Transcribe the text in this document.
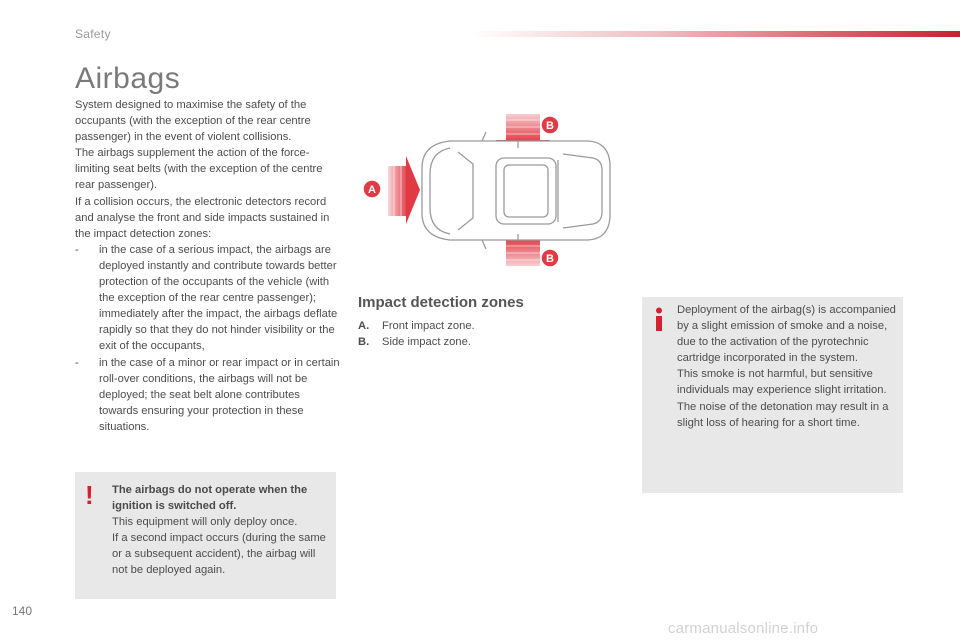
Safety
Airbags

System designed to maximise the safety of the occupants (with the exception of the rear centre passenger) in the event of violent collisions.

The airbags supplement the action of the force-limiting seat belts (with the exception of the centre rear passenger).

If a collision occurs, the electronic detectors record and analyse the front and side impacts sustained in the impact detection zones:

-	in the case of a serious impact, the airbags are deployed instantly and contribute towards better protection of the occupants of the vehicle (with the exception of the rear centre passenger); immediately after the impact, the airbags deflate rapidly so that they do not hinder visibility or the exit of the occupants,
-	in the case of a minor or rear impact or in certain roll-over conditions, the airbags will not be deployed; the seat belt alone contributes towards ensuring your protection in these situations.
! The airbags do not operate when the ignition is switched off.

This equipment will only deploy once.

If a second impact occurs (during the same or a subsequent accident), the airbag will not be deployed again.

A
B
B
Impact detection zones
A.	Front impact zone.
B.	Side impact zone.

Deployment of the airbag(s) is accompanied by a slight emission of smoke and a noise, due to the activation of the pyrotechnic cartridge incorporated in the system.

This smoke is not harmful, but sensitive individuals may experience slight irritation.

The noise of the detonation may result in a slight loss of hearing for a short time.

140
carmanualsonline.info
